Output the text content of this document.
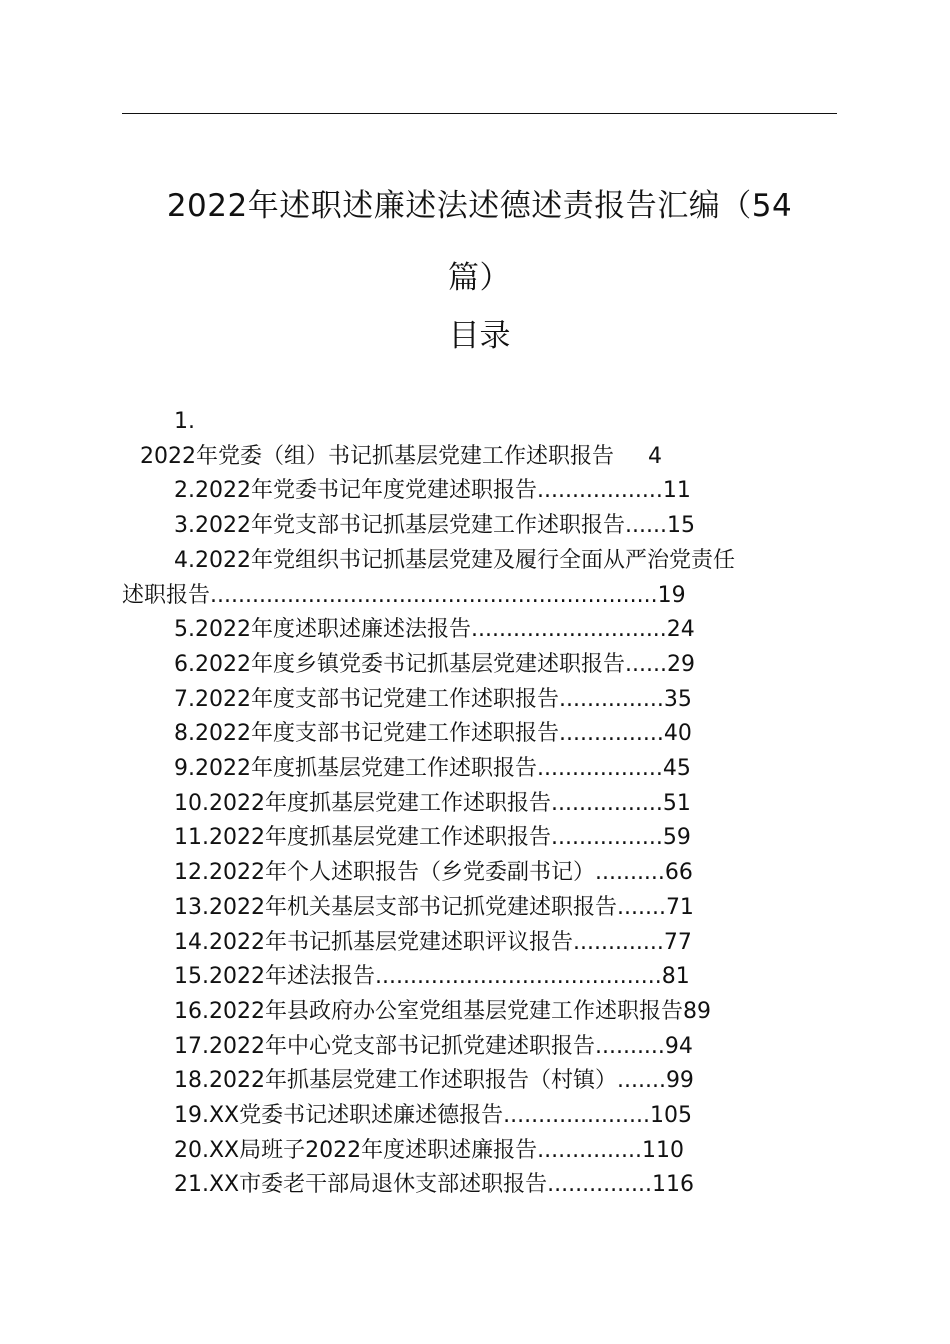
2022年述职述廉述法述德述责报告汇编（54
篇）
目录
1.
2022年党委（组）书记抓基层党建工作述职报告 4
2.2022年党委书记年度党建述职报告..................11
3.2022年党支部书记抓基层党建工作述职报告......15
4.2022年党组织书记抓基层党建及履行全面从严治党责任
述职报告................................................................19
5.2022年度述职述廉述法报告............................24
6.2022年度乡镇党委书记抓基层党建述职报告......29
7.2022年度支部书记党建工作述职报告...............35
8.2022年度支部书记党建工作述职报告...............40
9.2022年度抓基层党建工作述职报告..................45
10.2022年度抓基层党建工作述职报告................51
11.2022年度抓基层党建工作述职报告................59
12.2022年个人述职报告（乡党委副书记）..........66
13.2022年机关基层支部书记抓党建述职报告.......71
14.2022年书记抓基层党建述职评议报告.............77
15.2022年述法报告.........................................81
16.2022年县政府办公室党组基层党建工作述职报告89
17.2022年中心党支部书记抓党建述职报告..........94
18.2022年抓基层党建工作述职报告（村镇）.......99
19.XX党委书记述职述廉述德报告.....................105
20.XX局班子2022年度述职述廉报告...............110
21.XX市委老干部局退休支部述职报告...............116
